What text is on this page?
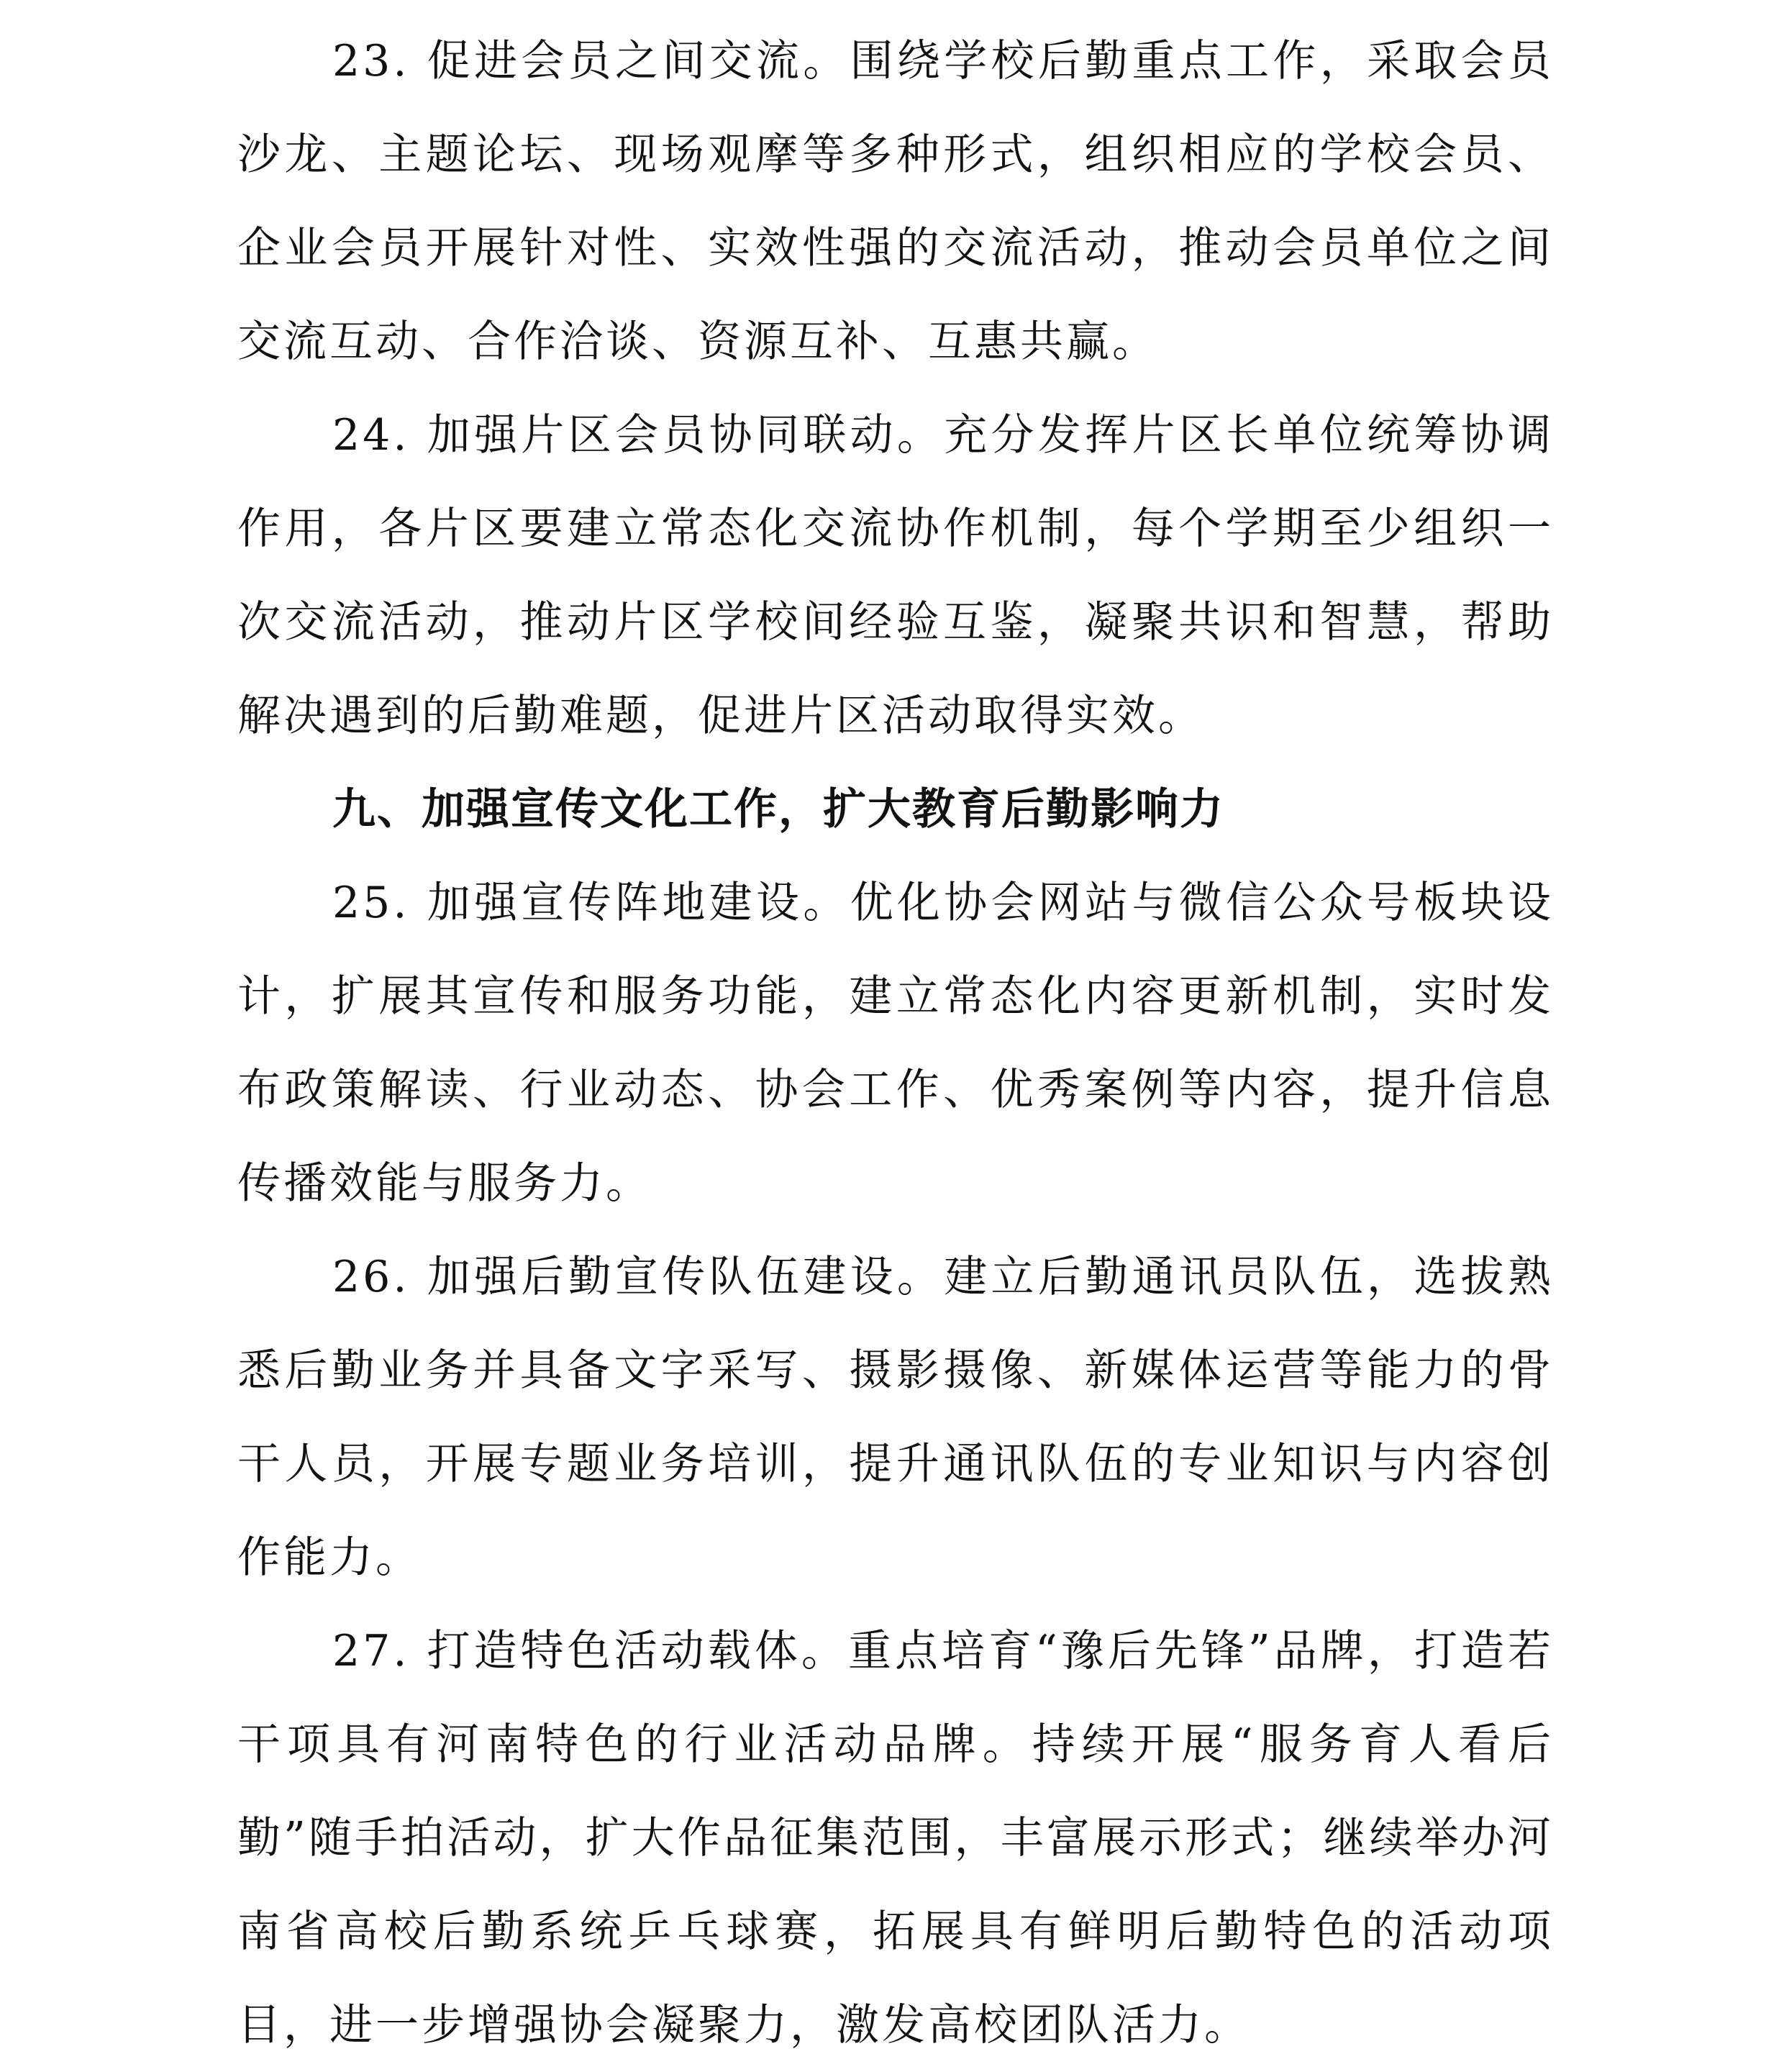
23. 促进会员之间交流。围绕学校后勤重点工作，采取会员沙龙、主题论坛、现场观摩等多种形式，组织相应的学校会员、企业会员开展针对性、实效性强的交流活动，推动会员单位之间交流互动、合作洽谈、资源互补、互惠共赢。

24. 加强片区会员协同联动。充分发挥片区长单位统筹协调作用，各片区要建立常态化交流协作机制，每个学期至少组织一次交流活动，推动片区学校间经验互鉴，凝聚共识和智慧，帮助解决遇到的后勤难题，促进片区活动取得实效。

九、加强宣传文化工作，扩大教育后勤影响力

25. 加强宣传阵地建设。优化协会网站与微信公众号板块设计，扩展其宣传和服务功能，建立常态化内容更新机制，实时发布政策解读、行业动态、协会工作、优秀案例等内容，提升信息传播效能与服务力。

26. 加强后勤宣传队伍建设。建立后勤通讯员队伍，选拔熟悉后勤业务并具备文字采写、摄影摄像、新媒体运营等能力的骨干人员，开展专题业务培训，提升通讯队伍的专业知识与内容创作能力。

27. 打造特色活动载体。重点培育“豫后先锋”品牌，打造若干项具有河南特色的行业活动品牌。持续开展“服务育人看后勤”随手拍活动，扩大作品征集范围，丰富展示形式；继续举办河南省高校后勤系统乒乓球赛，拓展具有鲜明后勤特色的活动项目，进一步增强协会凝聚力，激发高校团队活力。
